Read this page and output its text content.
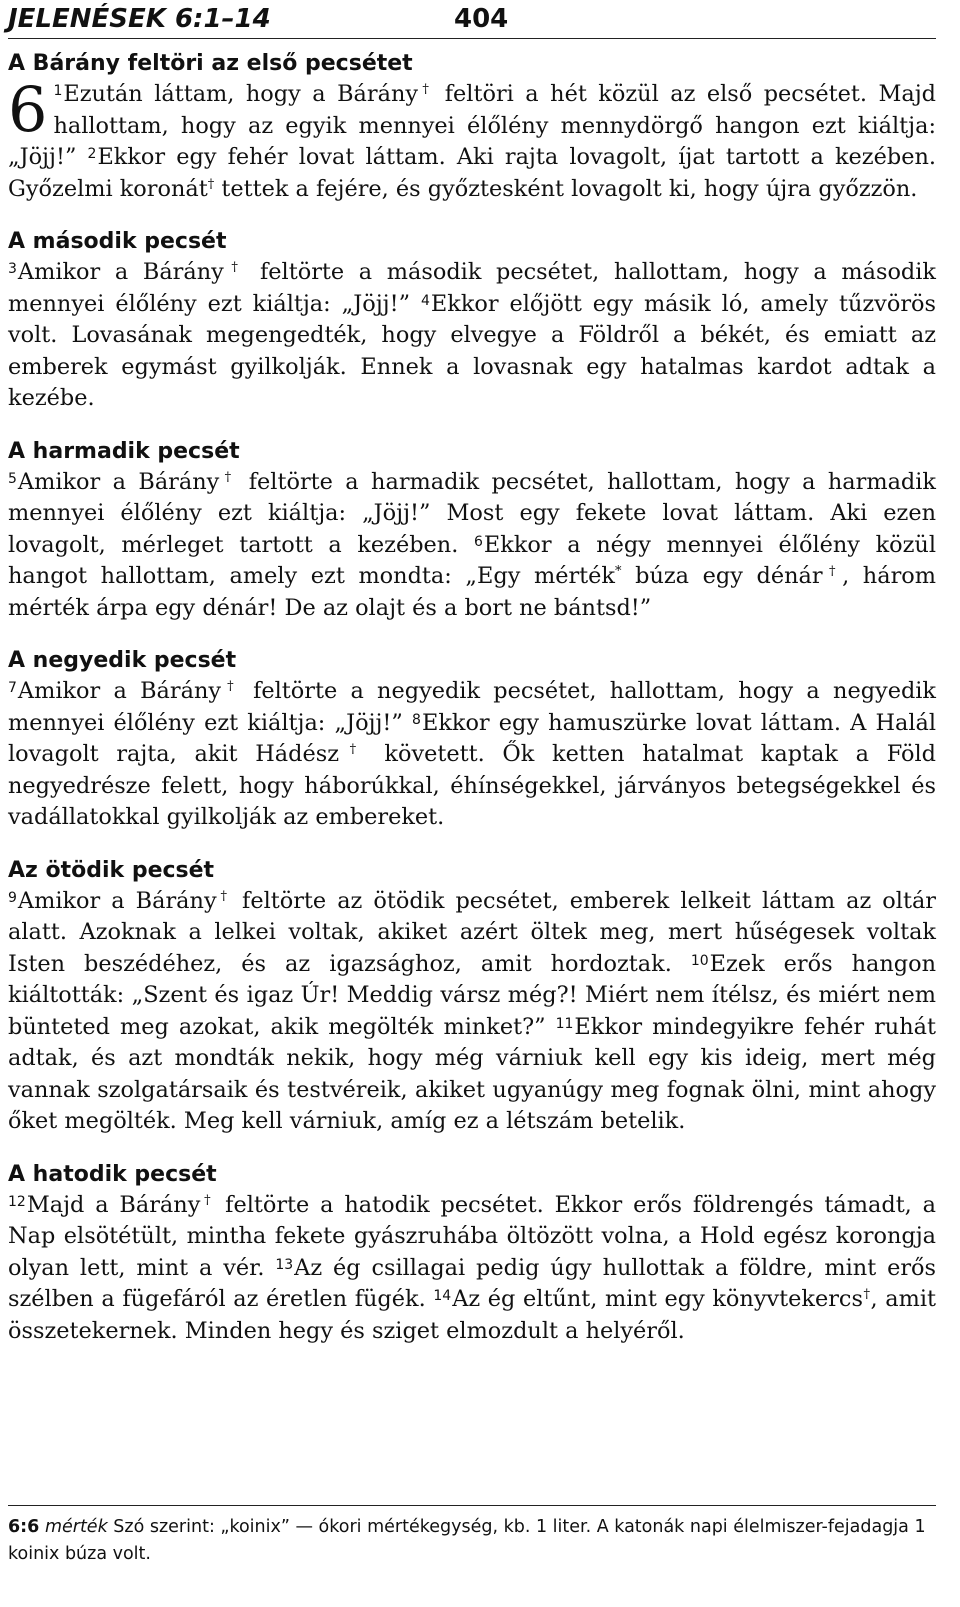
JELENÉSEK 6:1–14	404
A Bárány feltöri az első pecsétet

6 $^1$Ezután láttam, hogy a Bárány† feltöri a hét közül az első pecsétet. Majd hallottam, hogy az egyik mennyei élőlény mennydörgő hangon ezt kiáltja: „Jöjj!” $^2$Ekkor egy fehér lovat láttam. Aki rajta lovagolt, íjat tartott a kezében. Győzelmi koronát† tettek a fejére, és győztesként lovagolt ki, hogy újra győzzön.

A második pecsét

$^3$Amikor a Bárány† feltörte a második pecsétet, hallottam, hogy a második mennyei élőlény ezt kiáltja: „Jöjj!” $^4$Ekkor előjött egy másik ló, amely tűzvörös volt. Lovasának megengedték, hogy elvegye a Földről a békét, és emiatt az emberek egymást gyilkolják. Ennek a lovasnak egy hatalmas kardot adtak a kezébe.

A harmadik pecsét

$^5$Amikor a Bárány† feltörte a harmadik pecsétet, hallottam, hogy a harmadik mennyei élőlény ezt kiáltja: „Jöjj!” Most egy fekete lovat láttam. Aki ezen lovagolt, mérleget tartott a kezében. $^6$Ekkor a négy mennyei élőlény közül hangot hallottam, amely ezt mondta: „Egy mérték* búza egy dénár†, három mérték árpa egy dénár! De az olajt és a bort ne bántsd!”

A negyedik pecsét

$^7$Amikor a Bárány† feltörte a negyedik pecsétet, hallottam, hogy a negyedik mennyei élőlény ezt kiáltja: „Jöjj!” $^8$Ekkor egy hamuszürke lovat láttam. A Halál lovagolt rajta, akit Hádész† követett. Ők ketten hatalmat kaptak a Föld negyedrésze felett, hogy háborúkkal, éhínségekkel, járványos betegségekkel és vadállatokkal gyilkolják az embereket.

Az ötödik pecsét

$^9$Amikor a Bárány† feltörte az ötödik pecsétet, emberek lelkeit láttam az oltár alatt. Azoknak a lelkei voltak, akiket azért öltek meg, mert hűségesek voltak Isten beszédéhez, és az igazsághoz, amit hordoztak. $^{10}$Ezek erős hangon kiáltották: „Szent és igaz Úr! Meddig vársz még?! Miért nem ítélsz, és miért nem bünteted meg azokat, akik megölték minket?” $^{11}$Ekkor mindegyikre fehér ruhát adtak, és azt mondták nekik, hogy még várniuk kell egy kis ideig, mert még vannak szolgatársaik és testvéreik, akiket ugyanúgy meg fognak ölni, mint ahogy őket megölték. Meg kell várniuk, amíg ez a létszám betelik.

A hatodik pecsét

$^{12}$Majd a Bárány† feltörte a hatodik pecsétet. Ekkor erős földrengés támadt, a Nap elsötétült, mintha fekete gyászruhába öltözött volna, a Hold egész korongja olyan lett, mint a vér. $^{13}$Az ég csillagai pedig úgy hullottak a földre, mint erős szélben a fügefáról az éretlen fügék. $^{14}$Az ég eltűnt, mint egy könyvtekercs†, amit összetekernek. Minden hegy és sziget elmozdult a helyéről.

6:6 mérték Szó szerint: „koinix” — ókori mértékegység, kb. 1 liter. A katonák napi élelmiszer-fejadagja 1 koinix búza volt.
